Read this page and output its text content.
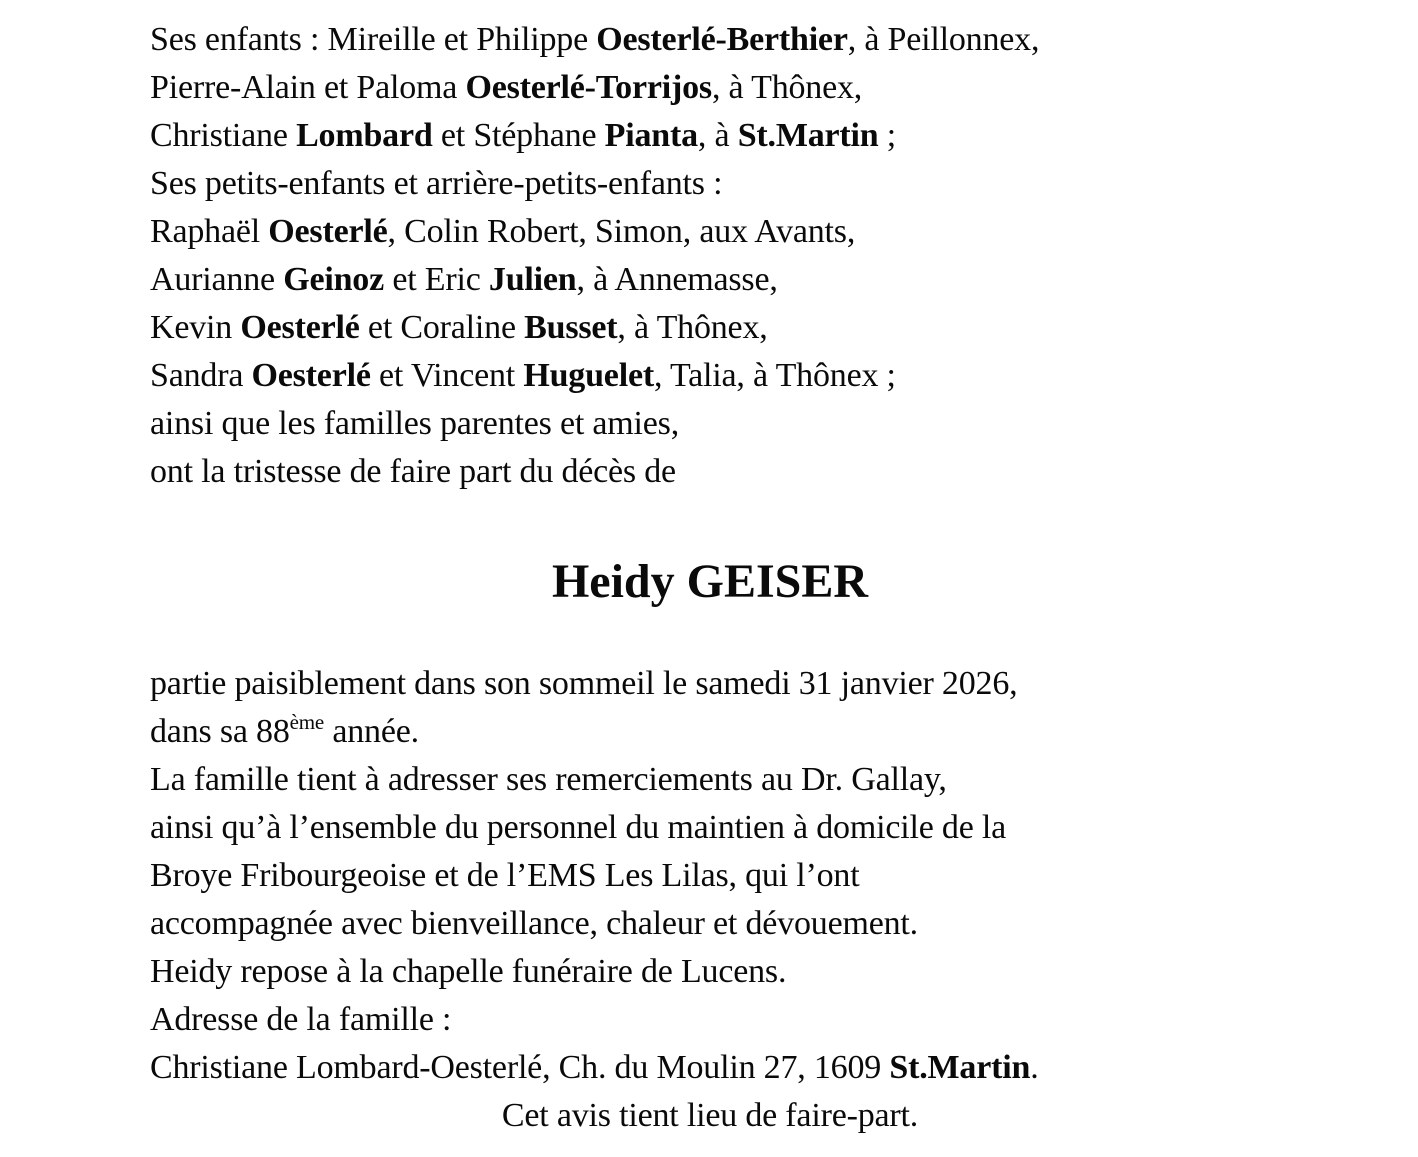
Ses enfants : Mireille et Philippe Oesterlé-Berthier, à Peillonnex,

Pierre-Alain et Paloma Oesterlé-Torrijos, à Thônex,

Christiane Lombard et Stéphane Pianta, à St.Martin ;

Ses petits-enfants et arrière-petits-enfants :

Raphaël Oesterlé, Colin Robert, Simon, aux Avants,

Aurianne Geinoz et Eric Julien, à Annemasse,

Kevin Oesterlé et Coraline Busset, à Thônex,

Sandra Oesterlé et Vincent Huguelet, Talia, à Thônex ;

ainsi que les familles parentes et amies,

ont la tristesse de faire part du décès de

Heidy GEISER

partie paisiblement dans son sommeil le samedi 31 janvier 2026,

dans sa 88ème année.

La famille tient à adresser ses remerciements au Dr. Gallay,

ainsi qu’à l’ensemble du personnel du maintien à domicile de la

Broye Fribourgeoise et de l’EMS Les Lilas, qui l’ont

accompagnée avec bienveillance, chaleur et dévouement.

Heidy repose à la chapelle funéraire de Lucens.

Adresse de la famille :

Christiane Lombard-Oesterlé, Ch. du Moulin 27, 1609 St.Martin.

Cet avis tient lieu de faire-part.
